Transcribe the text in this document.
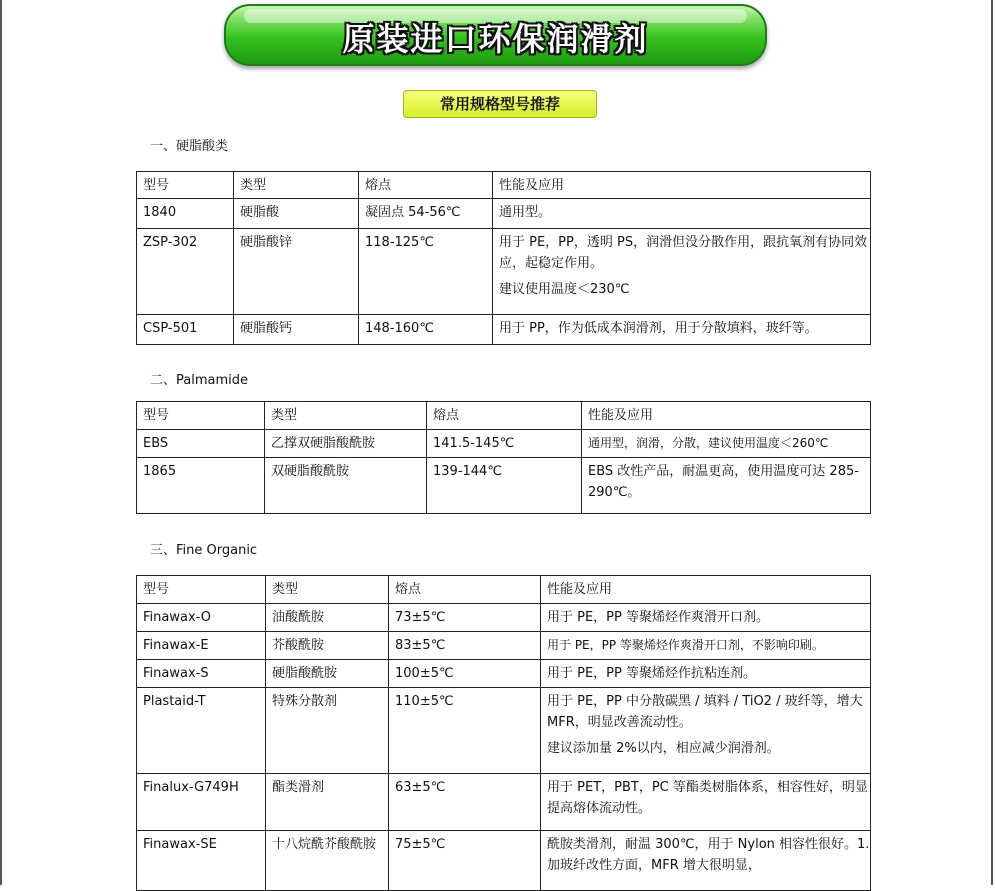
原装进口环保润滑剂
常用规格型号推荐
一、硬脂酸类
型号	类型	熔点	性能及应用
1840	硬脂酸	凝固点 54-56℃	通用型。

ZSP-302	硬脂酸锌	118-125℃	用于 PE，PP，透明 PS，润滑但没分散作用，跟抗氧剂有协同效应，起稳定作用。

建议使用温度＜230℃

CSP-501	硬脂酸钙	148-160℃	用于 PP，作为低成本润滑剂，用于分散填料，玻纤等。

二、Palmamide
型号	类型	熔点	性能及应用
EBS	乙撑双硬脂酸酰胺	141.5-145℃	通用型，润滑，分散，建议使用温度＜260℃

1865	双硬脂酸酰胺	139-144℃	EBS 改性产品，耐温更高，使用温度可达 285-290℃。

三、Fine Organic
型号	类型	熔点	性能及应用
Finawax-O	油酸酰胺	73±5℃	用于 PE，PP 等聚烯烃作爽滑开口剂。

Finawax-E	芥酸酰胺	83±5℃	用于 PE，PP 等聚烯烃作爽滑开口剂，不影响印刷。

Finawax-S	硬脂酸酰胺	100±5℃	用于 PE，PP 等聚烯烃作抗粘连剂。

Plastaid-T	特殊分散剂	110±5℃	用于 PE，PP 中分散碳黑 / 填料 / TiO2 / 玻纤等，增大 MFR，明显改善流动性。

建议添加量 2%以内，相应减少润滑剂。

Finalux-G749H	酯类滑剂	63±5℃	用于 PET，PBT，PC 等酯类树脂体系，相容性好，明显提高熔体流动性。

Finawax-SE	十八烷酰芥酸酰胺	75±5℃	酰胺类滑剂，耐温 300℃，用于 Nylon 相容性很好。1. 加玻纤改性方面，MFR 增大很明显，
